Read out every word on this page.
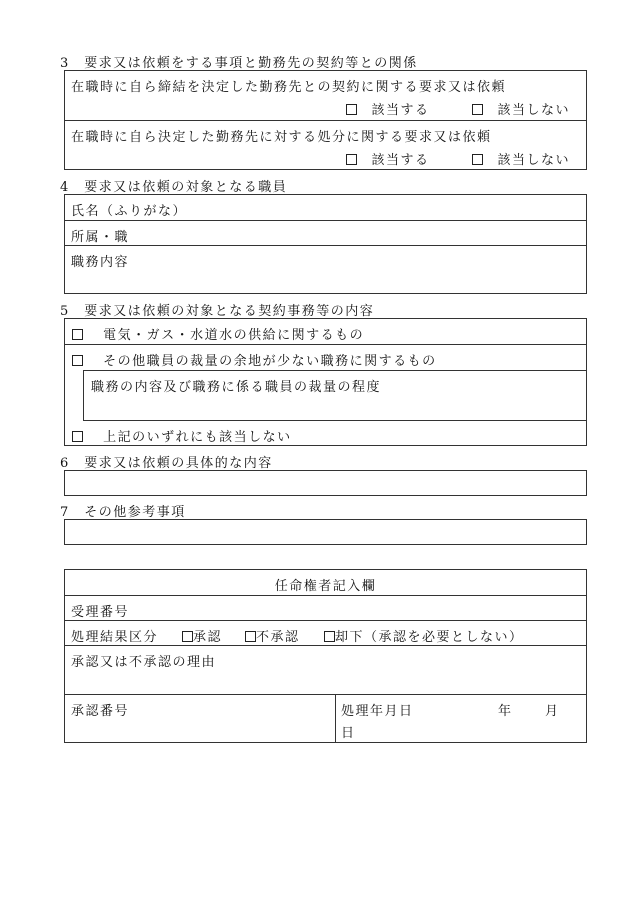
3　要求又は依頼をする事項と勤務先の契約等との関係
在職時に自ら締結を決定した勤務先との契約に関する要求又は依頼
　該当する
　	該当しない
在職時に自ら決定した勤務先に対する処分に関する要求又は依頼
　該当する
　	該当しない
4　要求又は依頼の対象となる職員
氏名（ふりがな）
所属・職
職務内容
5　要求又は依頼の対象となる契約事務等の内容
　 電気・ガス・水道水の供給に関するもの
　 その他職員の裁量の余地が少ない職務に関するもの
職務の内容及び職務に係る職員の裁量の程度
　 上記のいずれにも該当しない
6　要求又は依頼の具体的な内容
7　その他参考事項
任命権者記入欄
受理番号
処理結果区分	承認	不承認	却下（承認を必要としない）
承認又は不承認の理由
承認番号	処理年月日	年 月
日
